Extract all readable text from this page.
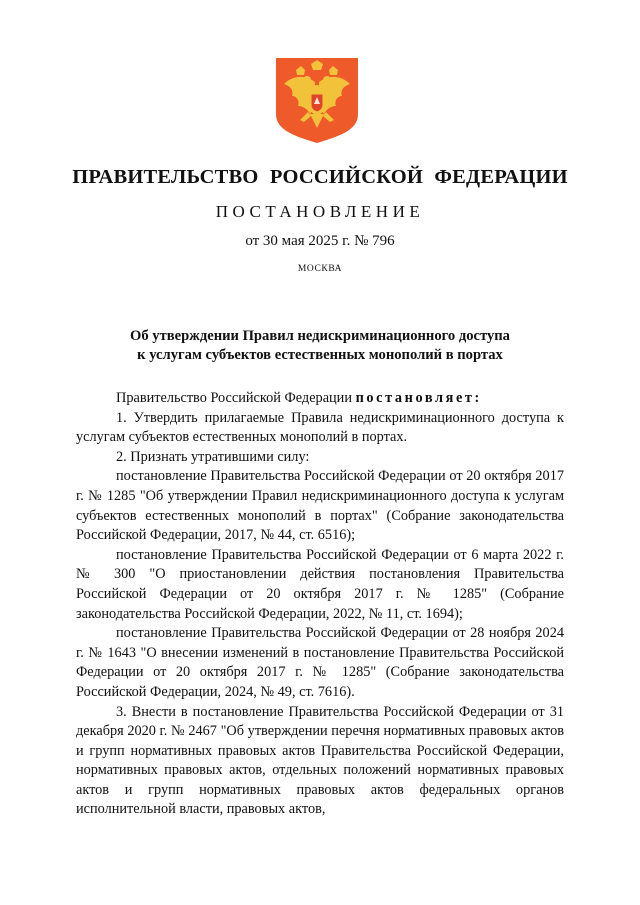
ПРАВИТЕЛЬСТВО РОССИЙСКОЙ ФЕДЕРАЦИИ
ПОСТАНОВЛЕНИЕ
от 30 мая 2025 г. № 796
МОСКВА
Об утверждении Правил недискриминационного доступа
к услугам субъектов естественных монополий в портах

Правительство Российской Федерации постановляет:

1. Утвердить прилагаемые Правила недискриминационного доступа к услугам субъектов естественных монополий в портах.

2. Признать утратившими силу:

постановление Правительства Российской Федерации от 20 октября 2017 г. № 1285 "Об утверждении Правил недискриминационного доступа к услугам субъектов естественных монополий в портах" (Собрание законодательства Российской Федерации, 2017, № 44, ст. 6516);

постановление Правительства Российской Федерации от 6 марта 2022 г. № 300 "О приостановлении действия постановления Правительства Российской Федерации от 20 октября 2017 г. № 1285" (Собрание законодательства Российской Федерации, 2022, № 11, ст. 1694);

постановление Правительства Российской Федерации от 28 ноября 2024 г. № 1643 "О внесении изменений в постановление Правительства Российской Федерации от 20 октября 2017 г. № 1285" (Собрание законодательства Российской Федерации, 2024, № 49, ст. 7616).

3. Внести в постановление Правительства Российской Федерации от 31 декабря 2020 г. № 2467 "Об утверждении перечня нормативных правовых актов и групп нормативных правовых актов Правительства Российской Федерации, нормативных правовых актов, отдельных положений нормативных правовых актов и групп нормативных правовых актов федеральных органов исполнительной власти, правовых актов,
